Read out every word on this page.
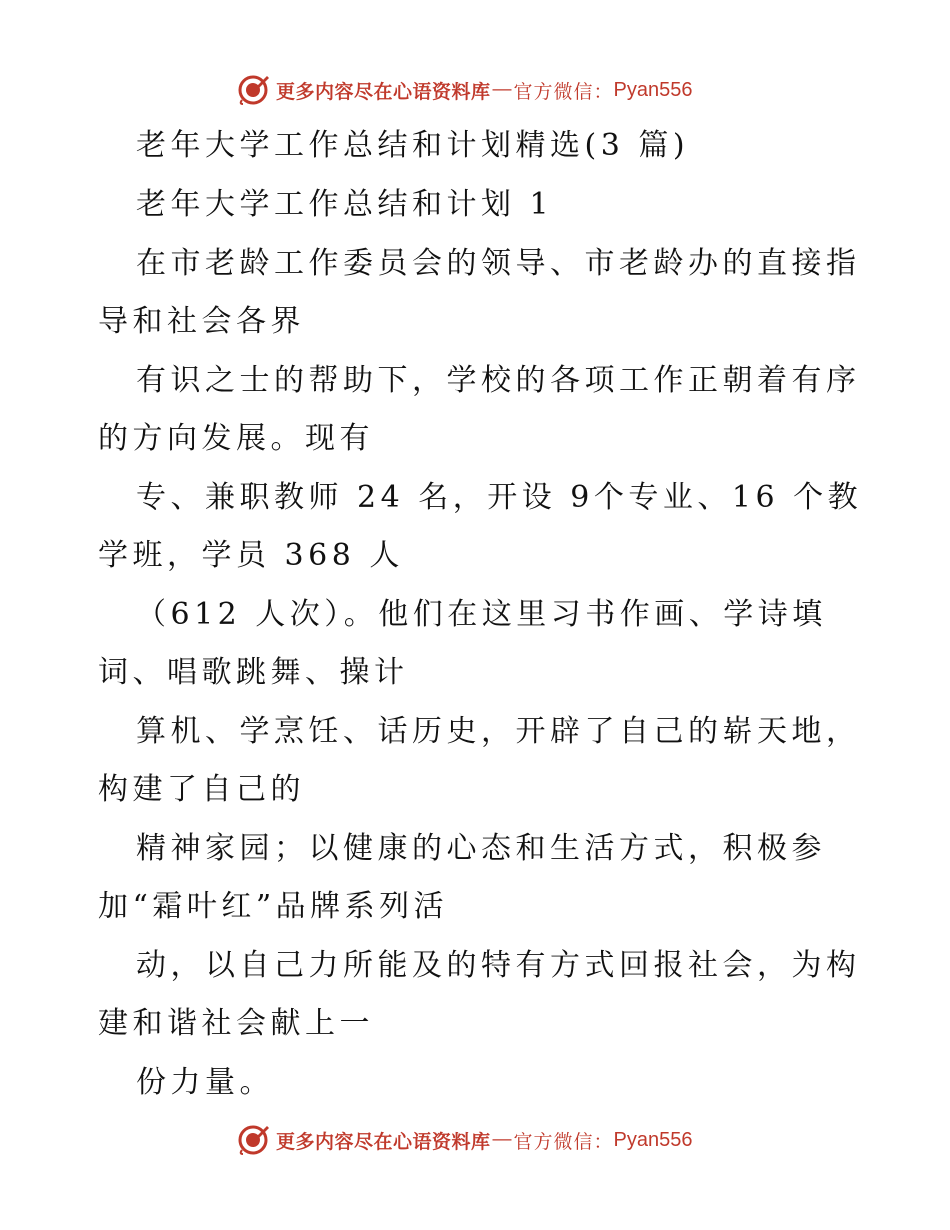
更多内容尽在心语资料库 — 官方微信： Pyan556
老年大学工作总结和计划精选(3 篇)
老年大学工作总结和计划 1
在市老龄工作委员会的领导、市老龄办的直接指
导和社会各界
有识之士的帮助下，学校的各项工作正朝着有序
的方向发展。现有
专、兼职教师 24 名，开设 9个专业、16 个教
学班，学员 368 人
（612 人次）。他们在这里习书作画、学诗填
词、唱歌跳舞、操计
算机、学烹饪、话历史，开辟了自己的崭天地，
构建了自己的
精神家园；以健康的心态和生活方式，积极参
加“霜叶红”品牌系列活
动，以自己力所能及的特有方式回报社会，为构
建和谐社会献上一
份力量。
更多内容尽在心语资料库 — 官方微信： Pyan556
